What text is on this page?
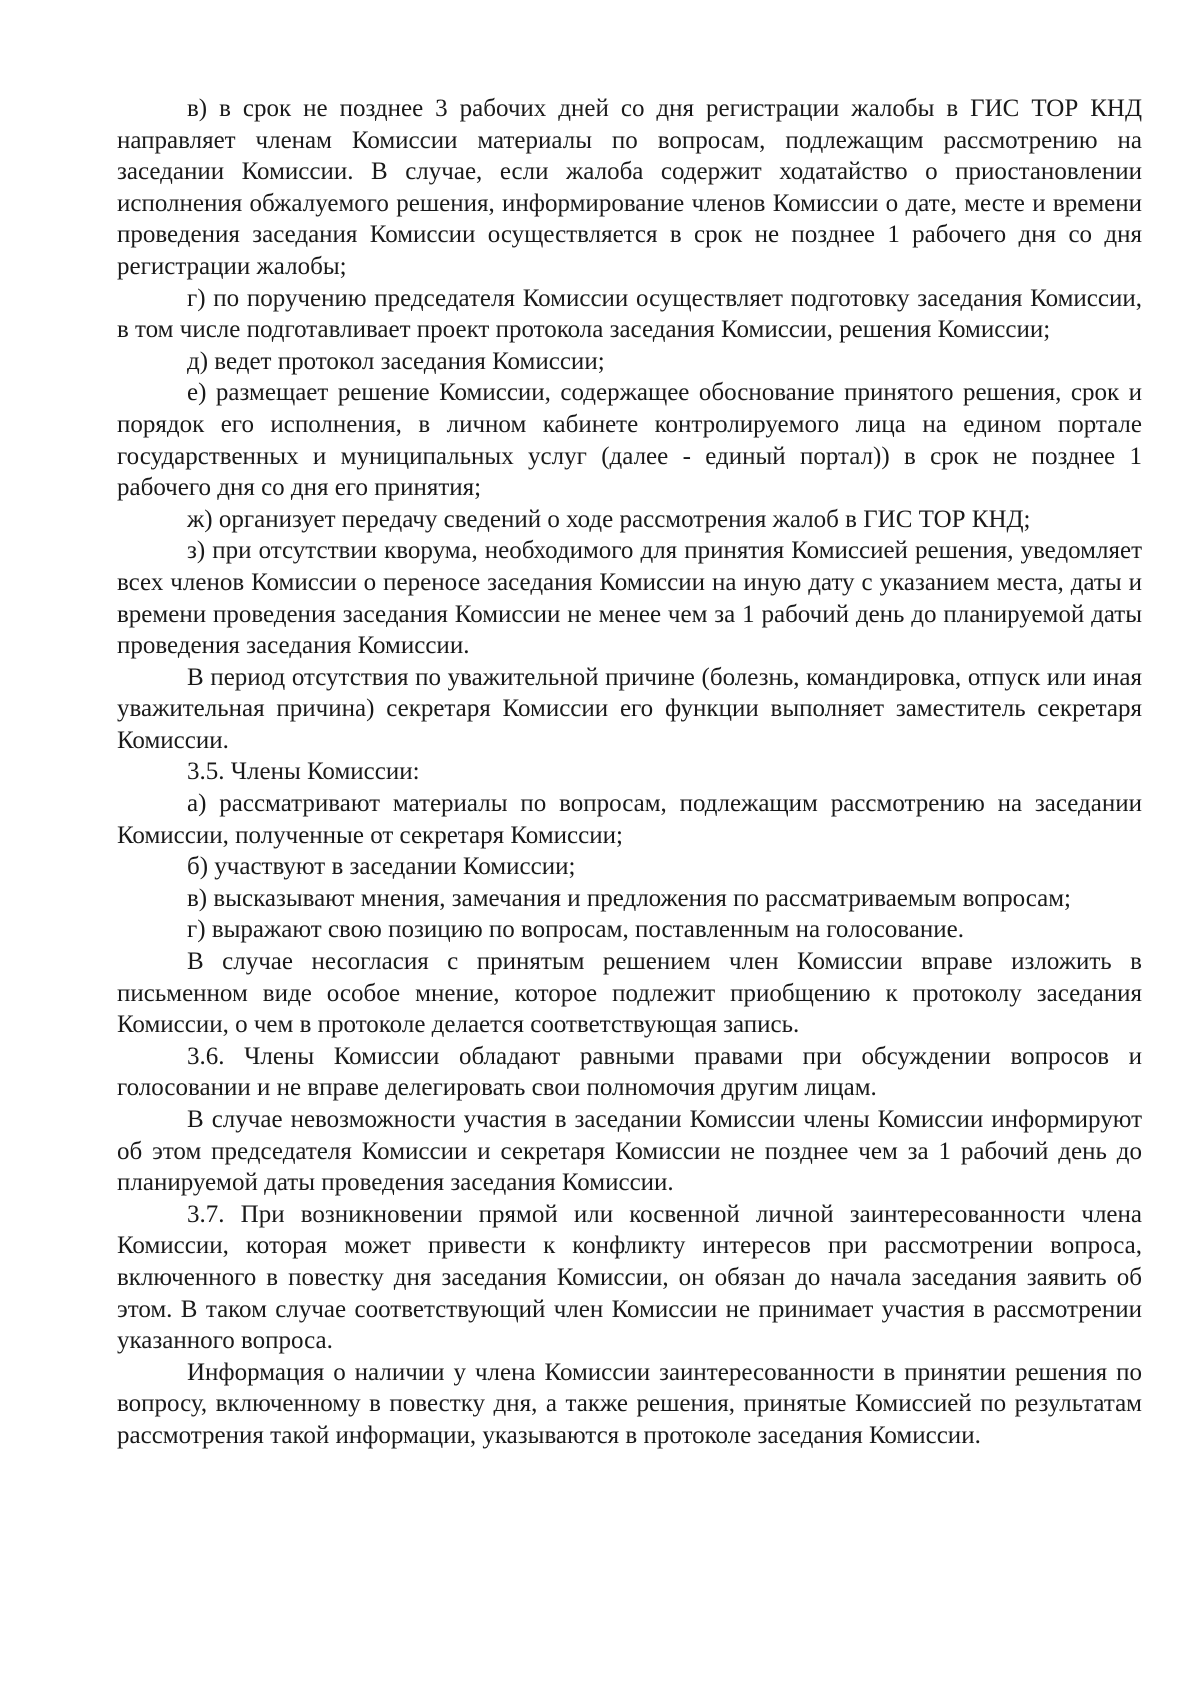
в) в срок не позднее 3 рабочих дней со дня регистрации жалобы в ГИС ТОР КНД направляет членам Комиссии материалы по вопросам, подлежащим рассмотрению на заседании Комиссии. В случае, если жалоба содержит ходатайство о приостановлении исполнения обжалуемого решения, информирование членов Комиссии о дате, месте и времени проведения заседания Комиссии осуществляется в срок не позднее 1 рабочего дня со дня регистрации жалобы;

г) по поручению председателя Комиссии осуществляет подготовку заседания Комиссии, в том числе подготавливает проект протокола заседания Комиссии, решения Комиссии;

д) ведет протокол заседания Комиссии;

е) размещает решение Комиссии, содержащее обоснование принятого решения, срок и порядок его исполнения, в личном кабинете контролируемого лица на едином портале государственных и муниципальных услуг (далее - единый портал)) в срок не позднее 1 рабочего дня со дня его принятия;

ж) организует передачу сведений о ходе рассмотрения жалоб в ГИС ТОР КНД;

з) при отсутствии кворума, необходимого для принятия Комиссией решения, уведомляет всех членов Комиссии о переносе заседания Комиссии на иную дату с указанием места, даты и времени проведения заседания Комиссии не менее чем за 1 рабочий день до планируемой даты проведения заседания Комиссии.

В период отсутствия по уважительной причине (болезнь, командировка, отпуск или иная уважительная причина) секретаря Комиссии его функции выполняет заместитель секретаря Комиссии.

3.5. Члены Комиссии:

а) рассматривают материалы по вопросам, подлежащим рассмотрению на заседании Комиссии, полученные от секретаря Комиссии;

б) участвуют в заседании Комиссии;

в) высказывают мнения, замечания и предложения по рассматриваемым вопросам;

г) выражают свою позицию по вопросам, поставленным на голосование.

В случае несогласия с принятым решением член Комиссии вправе изложить в письменном виде особое мнение, которое подлежит приобщению к протоколу заседания Комиссии, о чем в протоколе делается соответствующая запись.

3.6. Члены Комиссии обладают равными правами при обсуждении вопросов и голосовании и не вправе делегировать свои полномочия другим лицам.

В случае невозможности участия в заседании Комиссии члены Комиссии информируют об этом председателя Комиссии и секретаря Комиссии не позднее чем за 1 рабочий день до планируемой даты проведения заседания Комиссии.

3.7. При возникновении прямой или косвенной личной заинтересованности члена Комиссии, которая может привести к конфликту интересов при рассмотрении вопроса, включенного в повестку дня заседания Комиссии, он обязан до начала заседания заявить об этом. В таком случае соответствующий член Комиссии не принимает участия в рассмотрении указанного вопроса.

Информация о наличии у члена Комиссии заинтересованности в принятии решения по вопросу, включенному в повестку дня, а также решения, принятые Комиссией по результатам рассмотрения такой информации, указываются в протоколе заседания Комиссии.
